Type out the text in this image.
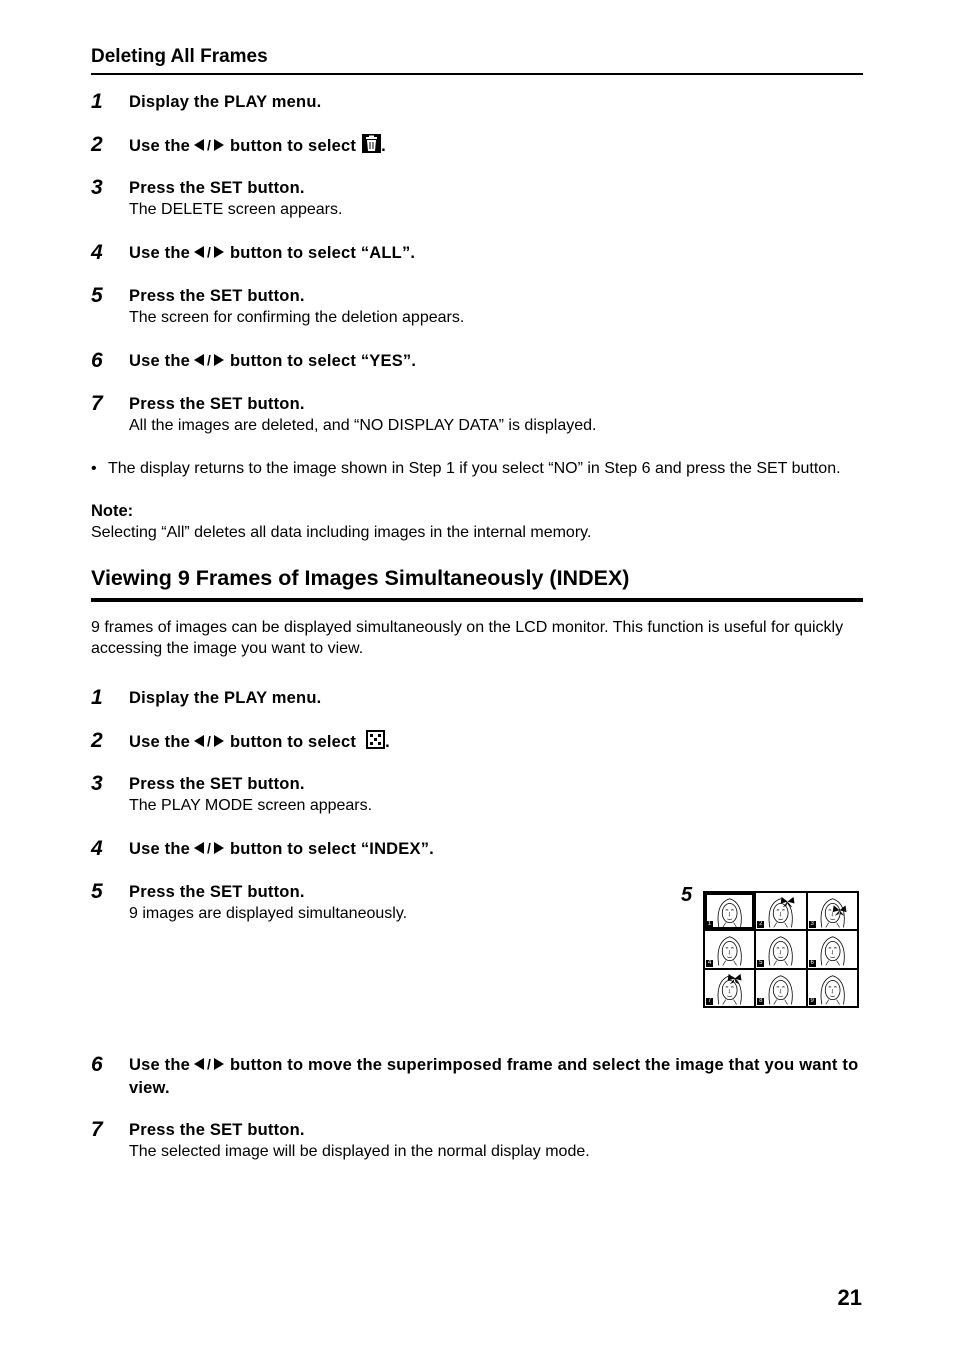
Deleting All Frames
1	Display the PLAY menu.
2	Use the / button to select .
3	Press the SET button.
The DELETE screen appears.
4	Use the / button to select “ALL”.
5	Press the SET button.
The screen for confirming the deletion appears.
6	Use the / button to select “YES”.
7	Press the SET button.
All the images are deleted, and “NO DISPLAY DATA” is displayed.
• The display returns to the image shown in Step 1 if you select “NO” in Step 6 and press the SET button.
Note:
Selecting “All” deletes all data including images in the internal memory.
Viewing 9 Frames of Images Simultaneously (INDEX)
9 frames of images can be displayed simultaneously on the LCD monitor. This function is useful for quickly accessing the image you want to view.
1	Display the PLAY menu.
2	Use the / button to select .
3	Press the SET button.
The PLAY MODE screen appears.
4	Use the / button to select “INDEX”.
5	Press the SET button.
9 images are displayed simultaneously.
5
1	2	3
4	5	6
7	8	9
6	Use the / button to move the superimposed frame and select the image that you want to view.
7	Press the SET button.
The selected image will be displayed in the normal display mode.
21
